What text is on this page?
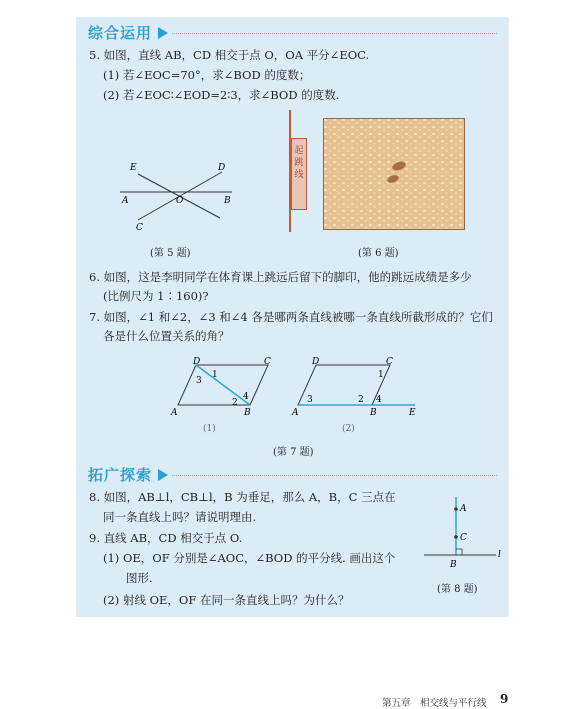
综合运用
5. 如图，直线 AB，CD 相交于点 O，OA 平分∠EOC.
(1) 若∠EOC=70°，求∠BOD 的度数；
(2) 若∠EOC∶∠EOD=2∶3，求∠BOD 的度数.
E	D
A	O	B
C
(第 5 题)
起
跳
线
(第 6 题)
6. 如图，这是李明同学在体育课上跳远后留下的脚印，他的跳远成绩是多少
(比例尺为 1∶160)?
7. 如图，∠1 和∠2，∠3 和∠4 各是哪两条直线被哪一条直线所截形成的？它们
各是什么位置关系的角？
D	C
A	B
1
2
3
4
(1)
D	C
A	B	E
1
2
3	4
(2)
(第 7 题)
拓广探索
8. 如图，AB⊥l，CB⊥l，B 为垂足，那么 A，B，C 三点在
同一条直线上吗？请说明理由.
9. 直线 AB，CD 相交于点 O.
(1) OE，OF 分别是∠AOC，∠BOD 的平分线. 画出这个
图形.
(2) 射线 OE，OF 在同一条直线上吗？为什么？
A
C
B
l
(第 8 题)
第五章　相交线与平行线 9
